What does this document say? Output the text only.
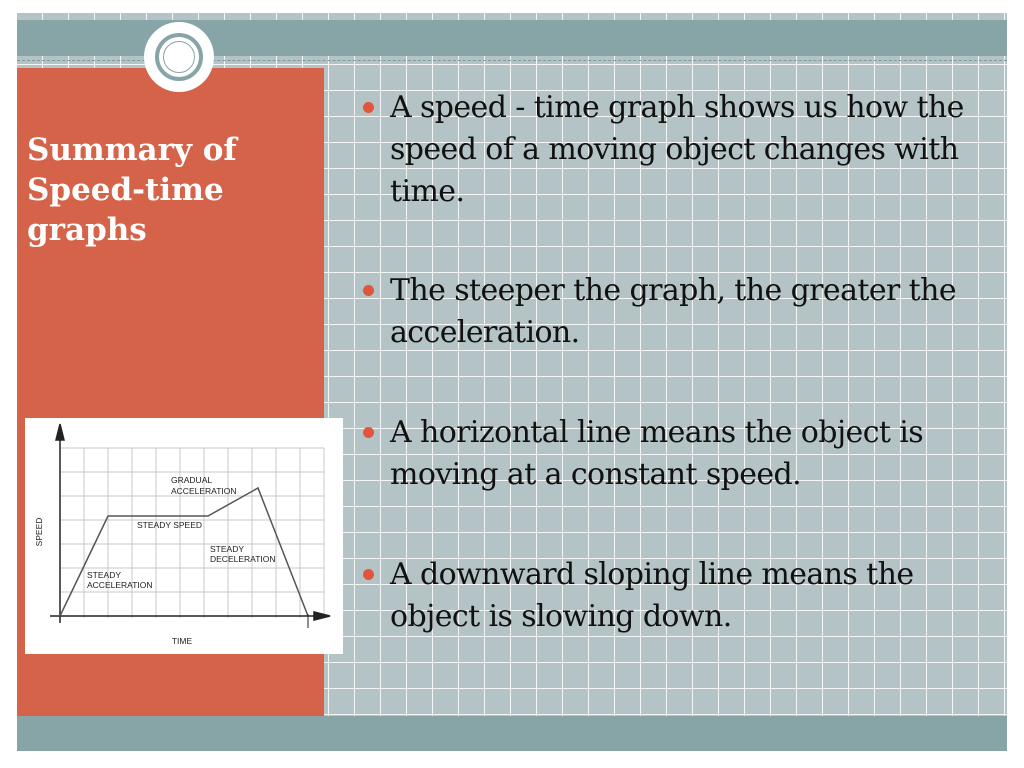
Summary of
Speed-time
graphs
SPEED
TIME
STEADY
ACCELERATION
STEADY SPEED
GRADUAL
ACCELERATION
STEADY
DECELERATION
A speed - time graph shows us how the speed of a moving object changes with time.
The steeper the graph, the greater the acceleration.
A horizontal line means the object is moving at a constant speed.
A downward sloping line means the object is slowing down.
